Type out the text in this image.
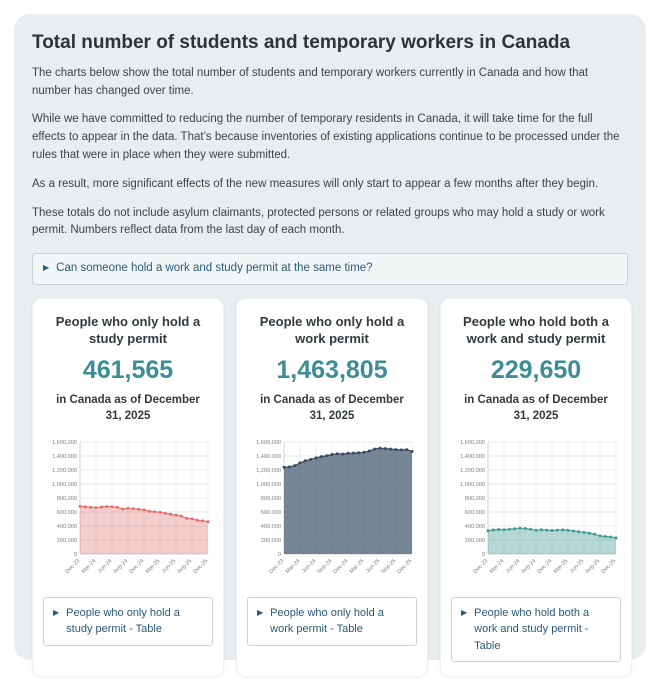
Total number of students and temporary workers in Canada

The charts below show the total number of students and temporary workers currently in Canada and how that number has changed over time.

While we have committed to reducing the number of temporary residents in Canada, it will take time for the full effects to appear in the data. That’s because inventories of existing applications continue to be processed under the rules that were in place when they were submitted.

As a result, more significant effects of the new measures will only start to appear a few months after they begin.

These totals do not include asylum claimants, protected persons or related groups who may hold a study or work permit. Numbers reflect data from the last day of each month.

▶ Can someone hold a work and study permit at the same time?
People who only hold a study permit
461,565
in Canada as of December 31, 2025
0
200,000
400,000
600,000
800,000
1,000,000
1,200,000
1,400,000
1,600,000
Dec-23 Mar-24 Jun-24
Sep-24
Dec-24 Mar-25 Jun-25
Sep-25
Dec-25
▶ People who only hold a study permit - Table
People who only hold a work permit
1,463,805
in Canada as of December 31, 2025
0
200,000
400,000
600,000
800,000
1,000,000
1,200,000
1,400,000
1,600,000
Dec-23 Mar-24 Jun-24
Sep-24
Dec-24 Mar-25 Jun-25
Sep-25
Dec-25
▶ People who only hold a work permit - Table
People who hold both a work and study permit
229,650
in Canada as of December 31, 2025
0
200,000
400,000
600,000
800,000
1,000,000
1,200,000
1,400,000
1,600,000
Dec-23 Mar-24 Jun-24
Sep-24
Dec-24 Mar-25 Jun-25
Sep-25
Dec-25
▶ People who hold both a work and study permit - Table
